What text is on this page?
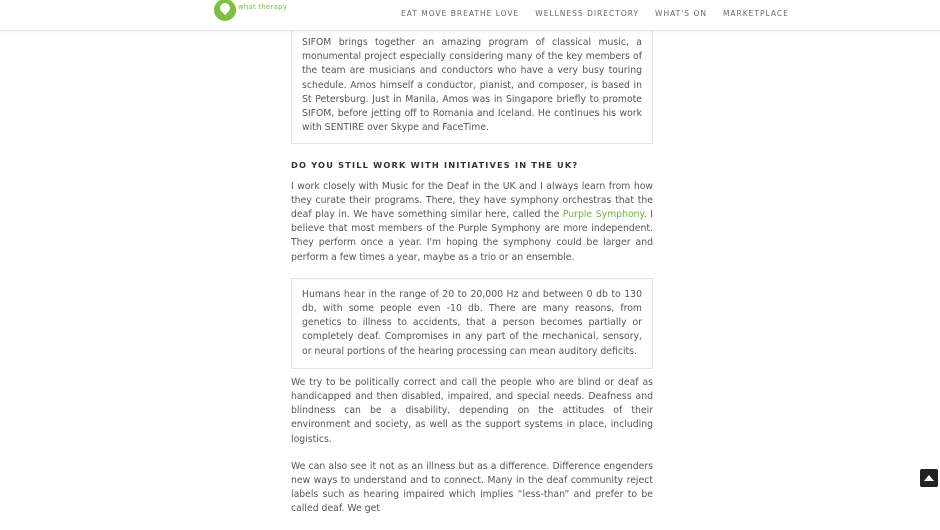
what therapy
EAT MOVE BREATHE LOVE WELLNESS DIRECTORY WHAT'S ON MARKETPLACE
SIFOM brings together an amazing program of classical music, a monumental project especially considering many of the key members of the team are musicians and conductors who have a very busy touring schedule. Amos himself a conductor, pianist, and composer, is based in St Petersburg. Just in Manila, Amos was in Singapore briefly to promote SIFOM, before jetting off to Romania and Iceland. He continues his work with SENTIRE over Skype and FaceTime.
DO YOU STILL WORK WITH INITIATIVES IN THE UK?

I work closely with Music for the Deaf in the UK and I always learn from how they curate their programs. There, they have symphony orchestras that the deaf play in. We have something similar here, called the Purple Symphony. I believe that most members of the Purple Symphony are more independent. They perform once a year. I'm hoping the symphony could be larger and perform a few times a year, maybe as a trio or an ensemble.

Humans hear in the range of 20 to 20,000 Hz and between 0 db to 130 db, with some people even -10 db. There are many reasons, from genetics to illness to accidents, that a person becomes partially or completely deaf. Compromises in any part of the mechanical, sensory, or neural portions of the hearing processing can mean auditory deficits.

We try to be politically correct and call the people who are blind or deaf as handicapped and then disabled, impaired, and special needs. Deafness and blindness can be a disability, depending on the attitudes of their environment and society, as well as the support systems in place, including logistics.

We can also see it not as an illness but as a difference. Difference engenders new ways to understand and to connect. Many in the deaf community reject labels such as hearing impaired which implies “less-than” and prefer to be called deaf. We get
